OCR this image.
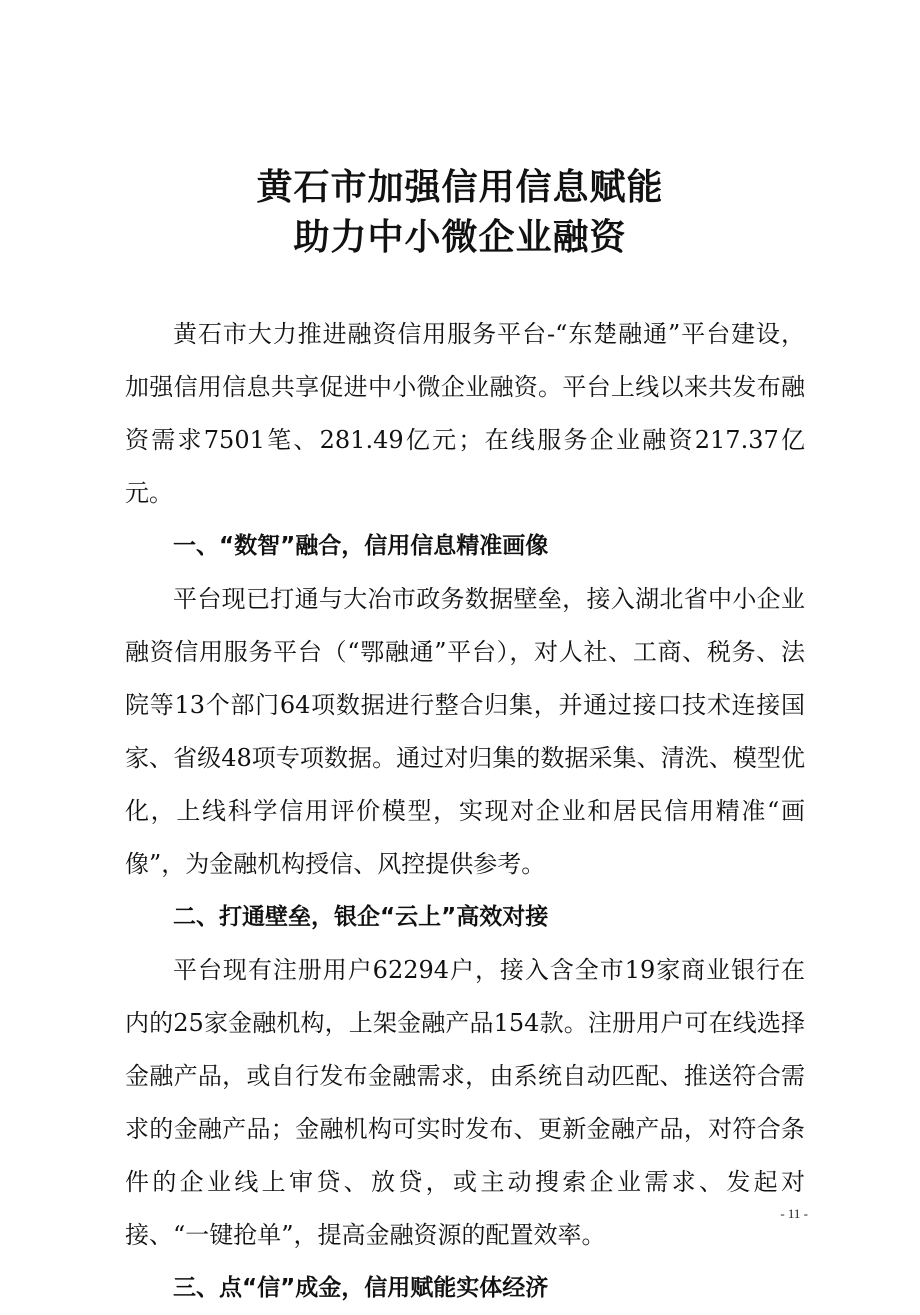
黄石市加强信用信息赋能
助力中小微企业融资

黄石市大力推进融资信用服务平台-“东楚融通”平台建设，加强信用信息共享促进中小微企业融资。平台上线以来共发布融资需求7501笔、281.49亿元；在线服务企业融资217.37亿元。

一、“数智”融合，信用信息精准画像

平台现已打通与大冶市政务数据壁垒，接入湖北省中小企业融资信用服务平台（“鄂融通”平台），对人社、工商、税务、法院等13个部门64项数据进行整合归集，并通过接口技术连接国家、省级48项专项数据。通过对归集的数据采集、清洗、模型优化，上线科学信用评价模型，实现对企业和居民信用精准“画像”，为金融机构授信、风控提供参考。

二、打通壁垒，银企“云上”高效对接

平台现有注册用户62294户，接入含全市19家商业银行在内的25家金融机构，上架金融产品154款。注册用户可在线选择金融产品，或自行发布金融需求，由系统自动匹配、推送符合需求的金融产品；金融机构可实时发布、更新金融产品，对符合条件的企业线上审贷、放贷，或主动搜索企业需求、发起对接、“一键抢单”，提高金融资源的配置效率。

三、点“信”成金，信用赋能实体经济

- 11 -
